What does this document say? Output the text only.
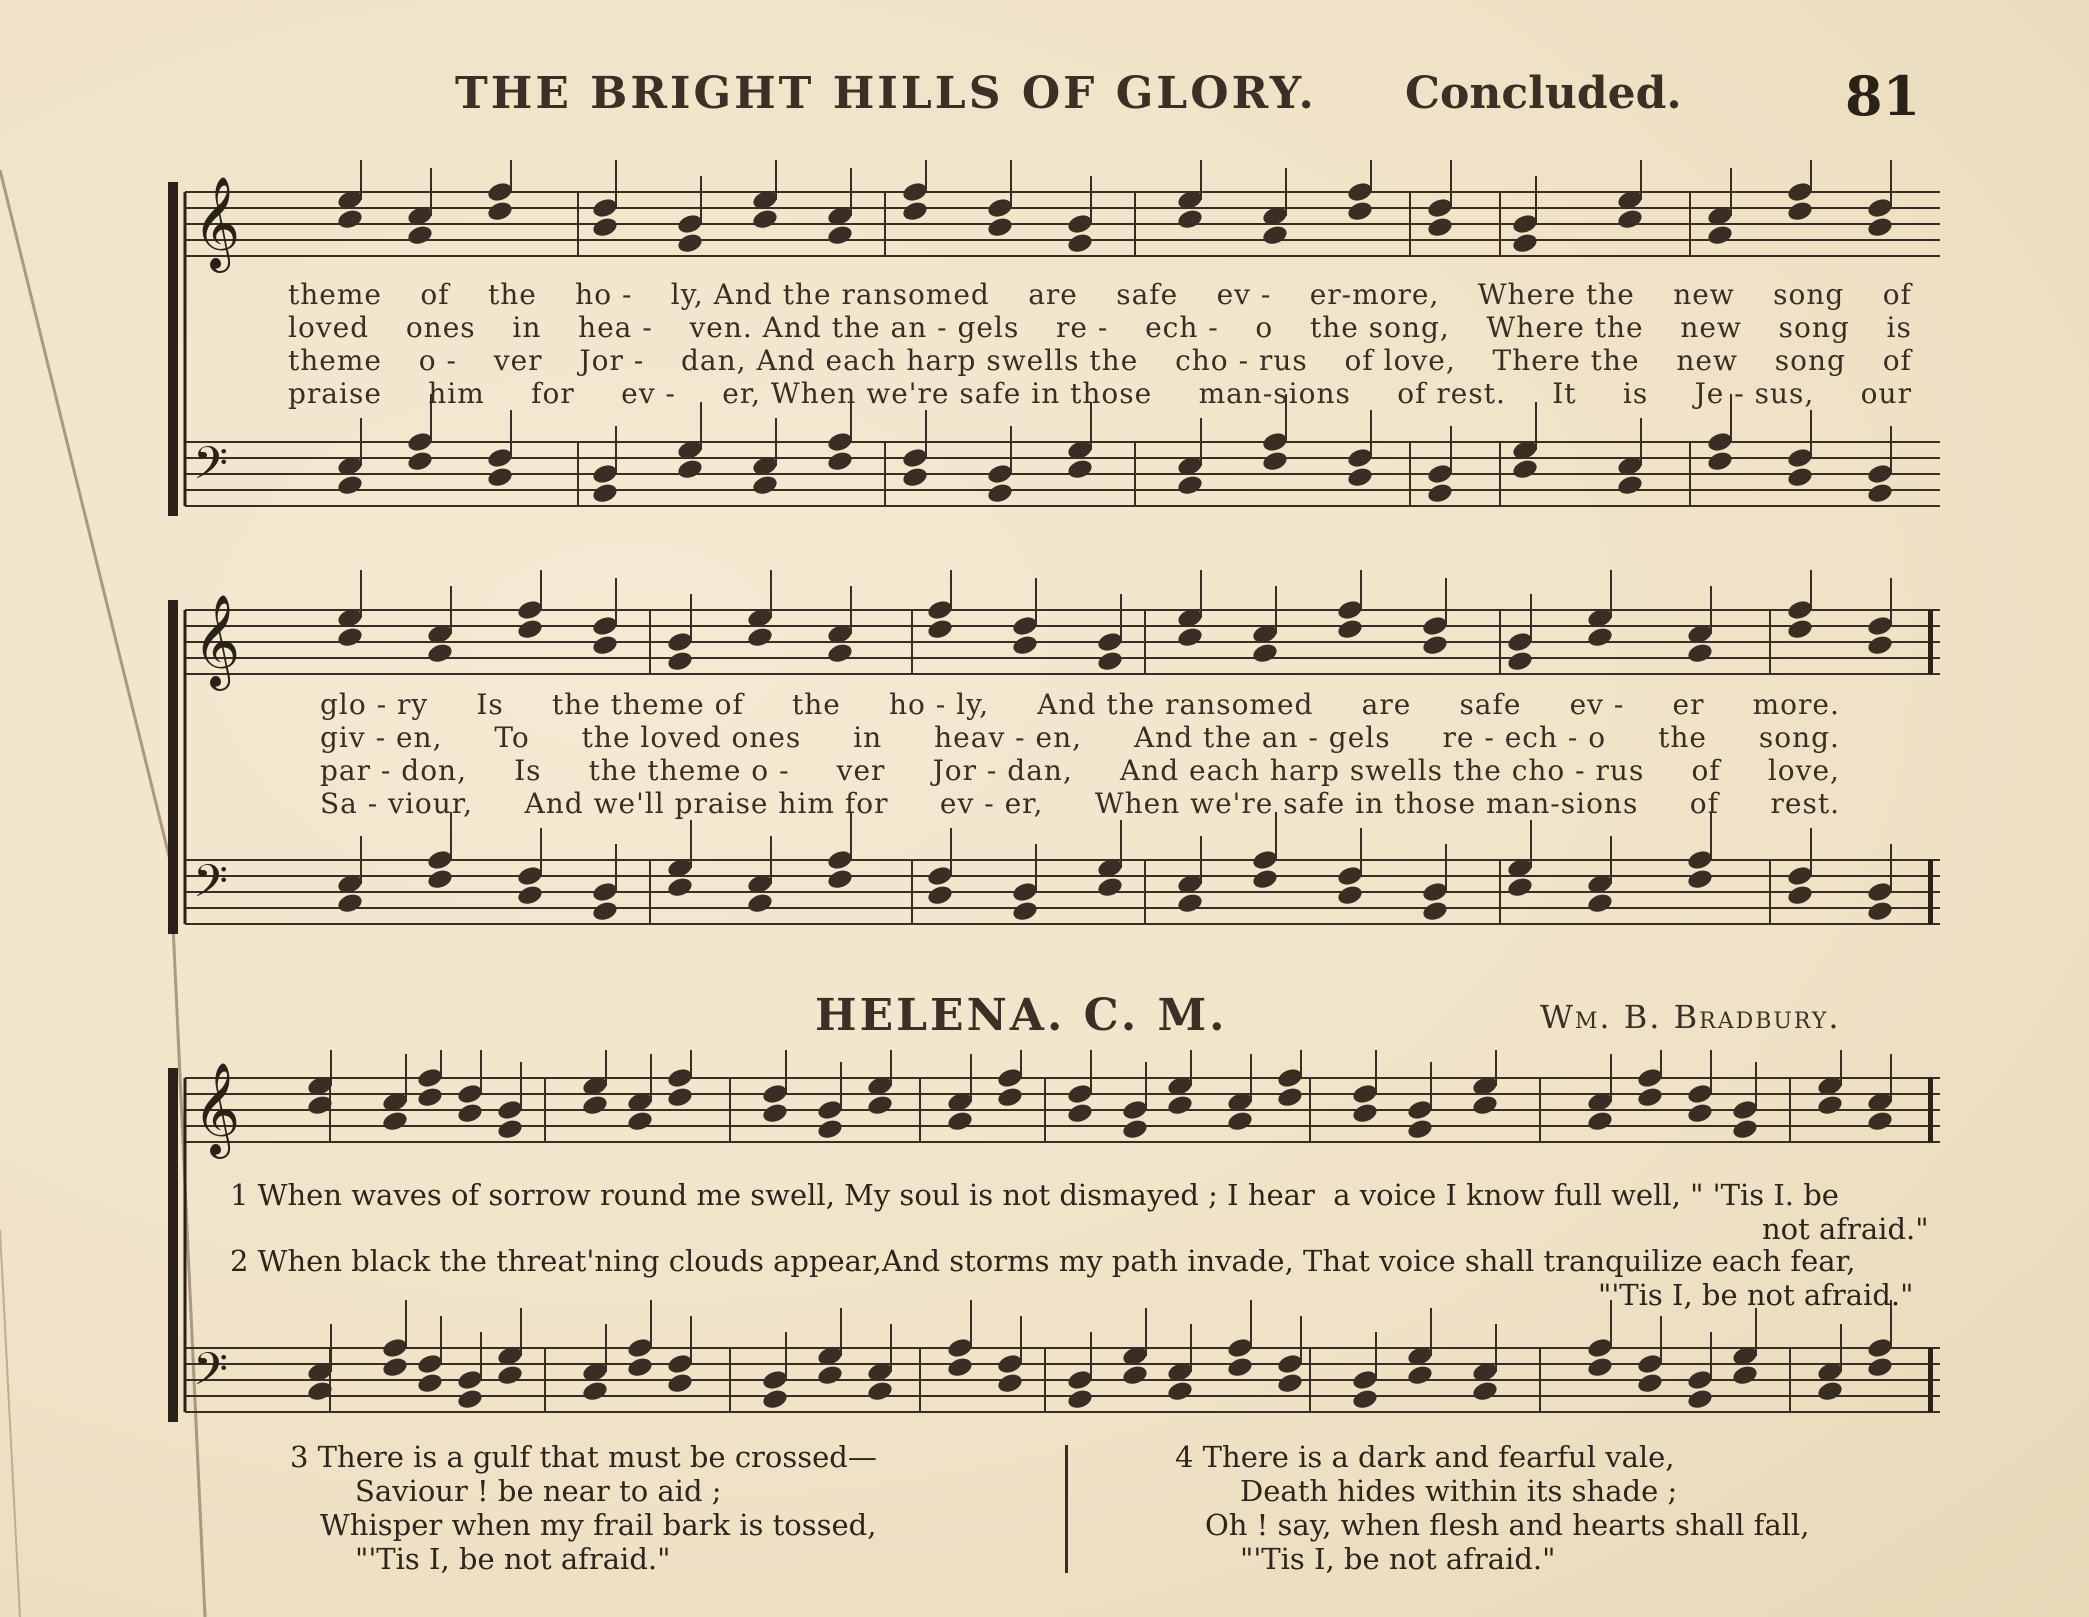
THE BRIGHT HILLS OF GLORY. Concluded.	81
𝄞
𝄢
theme of the ho - ly, And the ransomed are safe ev - er-more, Where the new song of
loved ones in hea - ven. And the an - gels re - ech - o the song, Where the new song is
theme o - ver Jor - dan, And each harp swells the cho - rus of love, There the new song of
praise him for ev - er, When we're safe in those man-sions of rest. It is Je - sus, our
𝄞
𝄢
glo - ry Is the theme of the ho - ly, And the ransomed are safe ev - er more.
giv - en, To the loved ones in heav - en, And the an - gels re - ech - o the song.
par - don, Is the theme o - ver Jor - dan, And each harp swells the cho - rus of love,
Sa - viour, And we'll praise him for ev - er, When we're safe in those man-sions of rest.
HELENA. C. M.	Wm. B. Bradbury.
𝄞
𝄢
1 When waves of sorrow round me swell, My soul is not dismayed ; I hear  a voice I know full well, " 'Tis I. be
not afraid."
2 When black the threat'ning clouds appear,And storms my path invade, That voice shall tranquilize each fear,
"'Tis I, be not afraid."
3 There is a gulf that must be crossed—
Saviour ! be near to aid ;
Whisper when my frail bark is tossed,
"'Tis I, be not afraid."
4 There is a dark and fearful vale,
Death hides within its shade ;
Oh ! say, when flesh and hearts shall fall,
"'Tis I, be not afraid."
